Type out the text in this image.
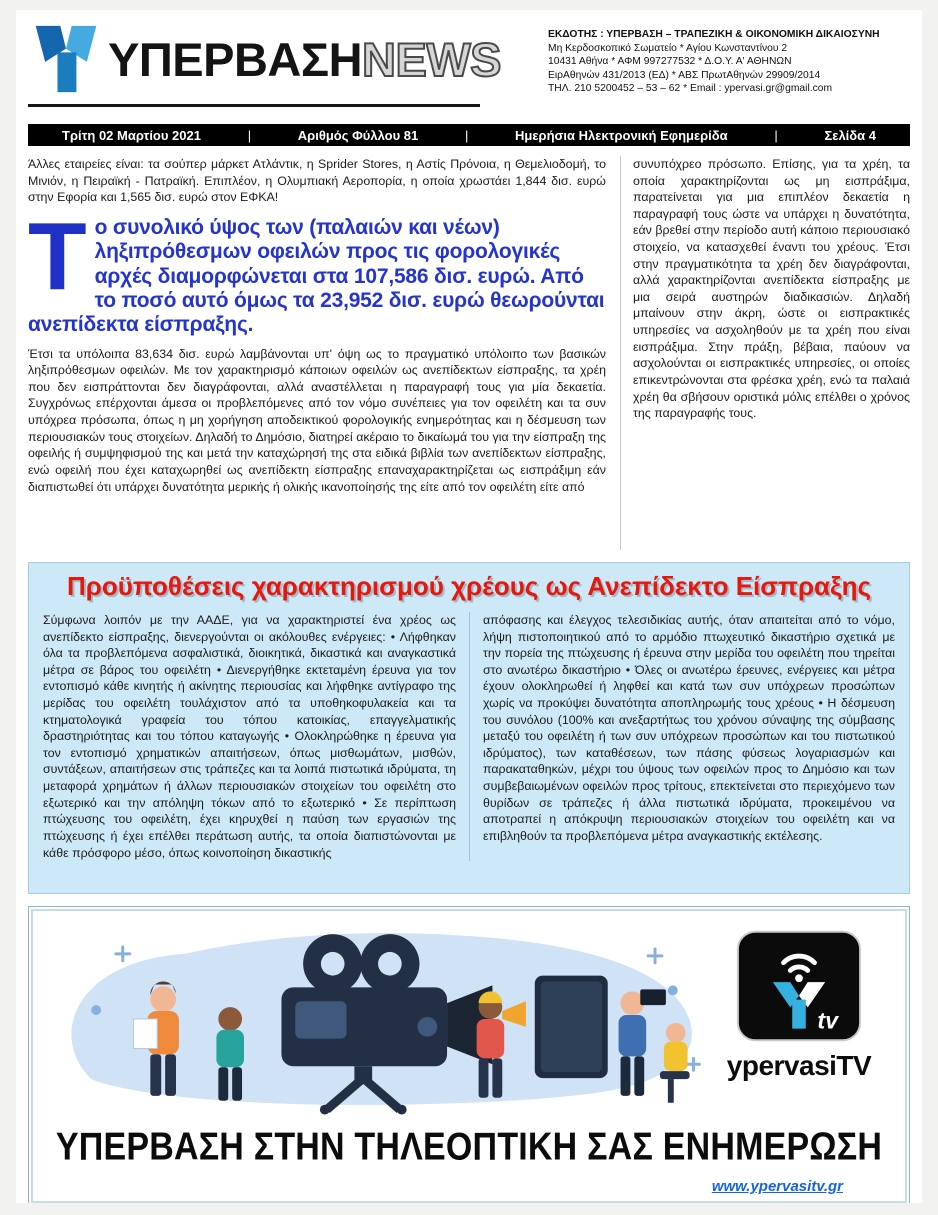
ΥΠΕΡΒΑΣΗNEWS	ΕΚΔΟΤΗΣ : ΥΠΕΡΒΑΣΗ – ΤΡΑΠΕΖΙΚΗ & ΟΙΚΟΝΟΜΙΚΗ ΔΙΚΑΙΟΣΥΝΗ
Μη Κερδοσκοπικό Σωματείο * Αγίου Κωνσταντίνου 2
10431 Αθήνα * ΑΦΜ 997277532 * Δ.Ο.Υ. Α' ΑΘΗΝΩΝ
ΕιρΑθηνών 431/2013 (ΕΔ) * ΑΒΣ ΠρωτΑθηνών 29909/2014
ΤΗΛ. 210 5200452 – 53 – 62 * Email : ypervasi.gr@gmail.com
Τρίτη 02 Μαρτίου 2021	|	Αριθμός Φύλλου 81	|	Ημερήσια Ηλεκτρονική Εφημερίδα	|	Σελίδα 4

Άλλες εταιρείες είναι: τα σούπερ μάρκετ Ατλάντικ, η Sprider Stores, η Αστίς Πρόνοια, η Θεμελιοδομή, το Μινιόν, η Πειραϊκή - Πατραϊκή. Επιπλέον, η Ολυμπιακή Αεροπορία, η οποία χρωστάει 1,844 δισ. ευρώ στην Εφορία και 1,565 δισ. ευρώ στον ΕΦΚΑ!

Το συνολικό ύψος των (παλαιών και νέων) ληξιπρόθεσμων οφειλών προς τις φορολογικές αρχές διαμορφώνεται στα 107,586 δισ. ευρώ. Από το ποσό αυτό όμως τα 23,952 δισ. ευρώ θεωρούνται ανεπίδεκτα είσπραξης.

Έτσι τα υπόλοιπα 83,634 δισ. ευρώ λαμβάνονται υπ' όψη ως το πραγματικό υπόλοιπο των βασικών ληξιπρόθεσμων οφειλών. Με τον χαρακτηρισμό κάποιων οφειλών ως ανεπίδεκτων είσπραξης, τα χρέη που δεν εισπράττονται δεν διαγράφονται, αλλά αναστέλλεται η παραγραφή τους για μία δεκαετία. Συγχρόνως επέρχονται άμεσα οι προβλεπόμενες από τον νόμο συνέπειες για τον οφειλέτη και τα συν υπόχρεα πρόσωπα, όπως η μη χορήγηση αποδεικτικού φορολογικής ενημερότητας και η δέσμευση των περιουσιακών τους στοιχείων. Δηλαδή το Δημόσιο, διατηρεί ακέραιο το δικαίωμά του για την είσπραξη της οφειλής ή συμψηφισμού της και μετά την καταχώρησή της στα ειδικά βιβλία των ανεπίδεκτων είσπραξης, ενώ οφειλή που έχει καταχωρηθεί ως ανεπίδεκτη είσπραξης επαναχαρακτηρίζεται ως εισπράξιμη εάν διαπιστωθεί ότι υπάρχει δυνατότητα μερικής ή ολικής ικανοποίησής της είτε από τον οφειλέτη είτε από

συνυπόχρεο πρόσωπο. Επίσης, για τα χρέη, τα οποία χαρακτηρίζονται ως μη εισπράξιμα, παρατείνεται για μια επιπλέον δεκαετία η παραγραφή τους ώστε να υπάρχει η δυνατότητα, εάν βρεθεί στην περίοδο αυτή κάποιο περιουσιακό στοιχείο, να κατασχεθεί έναντι του χρέους. Έτσι στην πραγματικότητα τα χρέη δεν διαγράφονται, αλλά χαρακτηρίζονται ανεπίδεκτα είσπραξης με μια σειρά αυστηρών διαδικασιών. Δηλαδή μπαίνουν στην άκρη, ώστε οι εισπρακτικές υπηρεσίες να ασχοληθούν με τα χρέη που είναι εισπράξιμα. Στην πράξη, βέβαια, παύουν να ασχολούνται οι εισπρακτικές υπηρεσίες, οι οποίες επικεντρώνονται στα φρέσκα χρέη, ενώ τα παλαιά χρέη θα σβήσουν οριστικά μόλις επέλθει ο χρόνος της παραγραφής τους.

Προϋποθέσεις χαρακτηρισμού χρέους ως Ανεπίδεκτο Είσπραξης

Σύμφωνα λοιπόν με την ΑΑΔΕ, για να χαρακτηριστεί ένα χρέος ως ανεπίδεκτο είσπραξης, διενεργούνται οι ακόλουθες ενέργειες: • Λήφθηκαν όλα τα προβλεπόμενα ασφαλιστικά, διοικητικά, δικαστικά και αναγκαστικά μέτρα σε βάρος του οφειλέτη • Διενεργήθηκε εκτεταμένη έρευνα για τον εντοπισμό κάθε κινητής ή ακίνητης περιουσίας και λήφθηκε αντίγραφο της μερίδας του οφειλέτη τουλάχιστον από τα υποθηκοφυλακεία και τα κτηματολογικά γραφεία του τόπου κατοικίας, επαγγελματικής δραστηριότητας και του τόπου καταγωγής • Ολοκληρώθηκε η έρευνα για τον εντοπισμό χρηματικών απαιτήσεων, όπως μισθωμάτων, μισθών, συντάξεων, απαιτήσεων στις τράπεζες και τα λοιπά πιστωτικά ιδρύματα, τη μεταφορά χρημάτων ή άλλων περιουσιακών στοιχείων του οφειλέτη στο εξωτερικό και την απόληψη τόκων από το εξωτερικό • Σε περίπτωση πτώχευσης του οφειλέτη, έχει κηρυχθεί η παύση των εργασιών της πτώχευσης ή έχει επέλθει περάτωση αυτής, τα οποία διαπιστώνονται με κάθε πρόσφορο μέσο, όπως κοινοποίηση δικαστικής

απόφασης και έλεγχος τελεσιδικίας αυτής, όταν απαιτείται από το νόμο, λήψη πιστοποιητικού από το αρμόδιο πτωχευτικό δικαστήριο σχετικά με την πορεία της πτώχευσης ή έρευνα στην μερίδα του οφειλέτη που τηρείται στο ανωτέρω δικαστήριο • Όλες οι ανωτέρω έρευνες, ενέργειες και μέτρα έχουν ολοκληρωθεί ή ληφθεί και κατά των συν υπόχρεων προσώπων χωρίς να προκύψει δυνατότητα αποπληρωμής τους χρέους • Η δέσμευση του συνόλου (100% και ανεξαρτήτως του χρόνου σύναψης της σύμβασης μεταξύ του οφειλέτη ή των συν υπόχρεων προσώπων και του πιστωτικού ιδρύματος), των καταθέσεων, των πάσης φύσεως λογαριασμών και παρακαταθηκών, μέχρι του ύψους των οφειλών προς το Δημόσιο και των συμβεβαιωμένων οφειλών προς τρίτους, επεκτείνεται στο περιεχόμενο των θυρίδων σε τράπεζες ή άλλα πιστωτικά ιδρύματα, προκειμένου να αποτραπεί η απόκρυψη περιουσιακών στοιχείων του οφειλέτη και να επιβληθούν τα προβλεπόμενα μέτρα αναγκαστικής εκτέλεσης.

tv
ypervasiTV
ΥΠΕΡΒΑΣΗ ΣΤΗΝ ΤΗΛΕΟΠΤΙΚΗ ΣΑΣ ΕΝΗΜΕΡΩΣΗ
www.ypervasitv.gr
